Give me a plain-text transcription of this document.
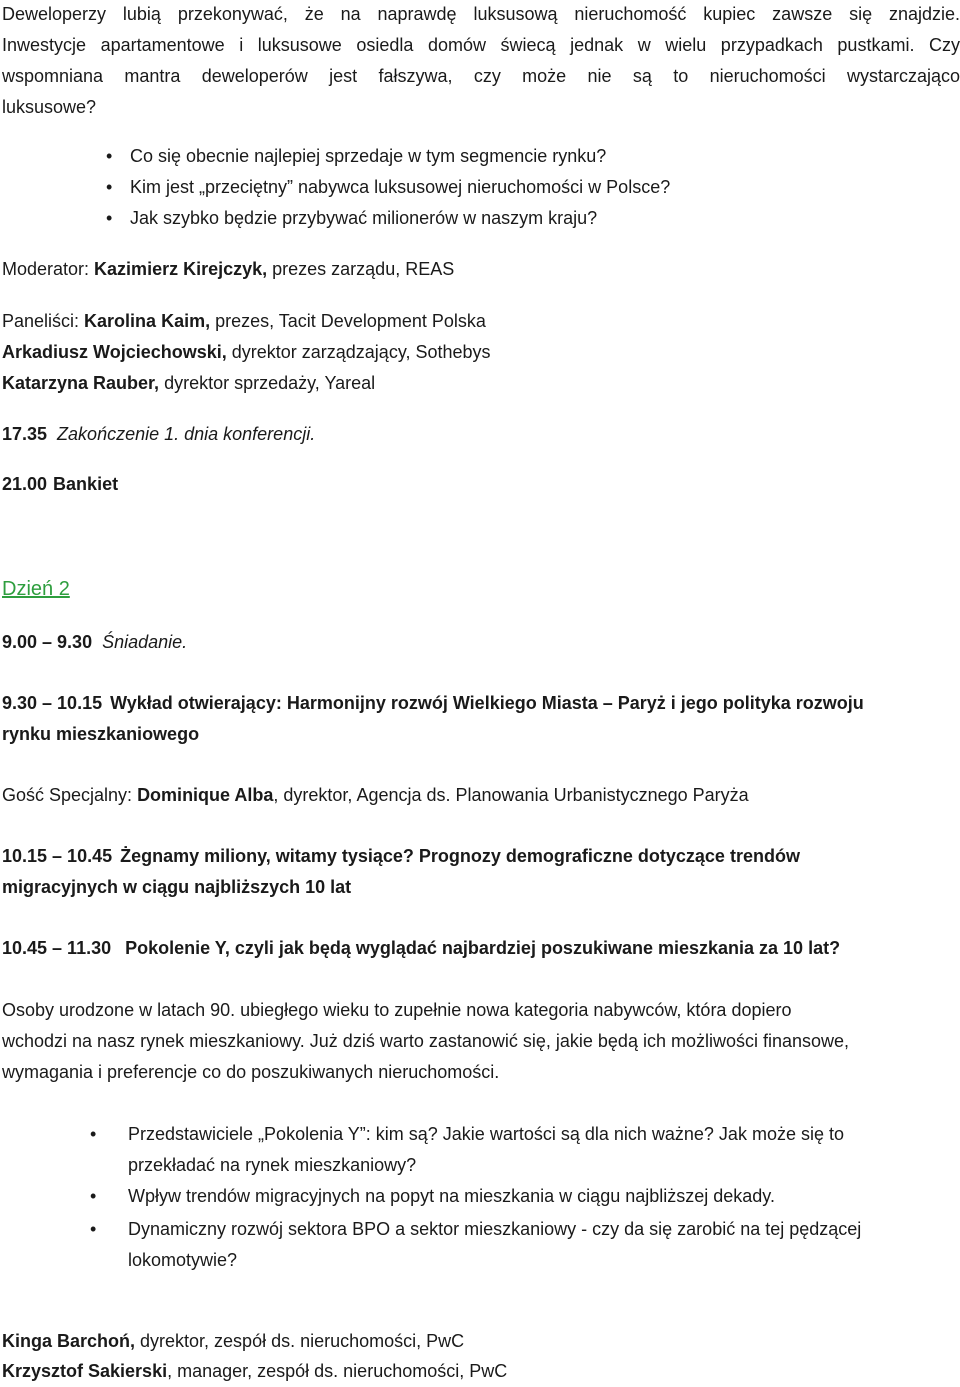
Deweloperzy lubią przekonywać, że na naprawdę luksusową nieruchomość kupiec zawsze się znajdzie.
Inwestycje apartamentowe i luksusowe osiedla domów świecą jednak w wielu przypadkach pustkami. Czy
wspomniana mantra deweloperów jest fałszywa, czy może nie są to nieruchomości wystarczająco
luksusowe?
• Co się obecnie najlepiej sprzedaje w tym segmencie rynku?
• Kim jest „przeciętny” nabywca luksusowej nieruchomości w Polsce?
• Jak szybko będzie przybywać milionerów w naszym kraju?
Moderator: Kazimierz Kirejczyk, prezes zarządu, REAS
Paneliści: Karolina Kaim, prezes, Tacit Development Polska
Arkadiusz Wojciechowski, dyrektor zarządzający, Sothebys
Katarzyna Rauber, dyrektor sprzedaży, Yareal
17.35 Zakończenie 1. dnia konferencji.
21.00 Bankiet
Dzień 2
9.00 – 9.30 Śniadanie.
9.30 – 10.15 Wykład otwierający: Harmonijny rozwój Wielkiego Miasta – Paryż i jego polityka rozwoju
rynku mieszkaniowego
Gość Specjalny: Dominique Alba, dyrektor, Agencja ds. Planowania Urbanistycznego Paryża
10.15 – 10.45 Żegnamy miliony, witamy tysiące? Prognozy demograficzne dotyczące trendów
migracyjnych w ciągu najbliższych 10 lat
10.45 – 11.30 Pokolenie Y, czyli jak będą wyglądać najbardziej poszukiwane mieszkania za 10 lat?
Osoby urodzone w latach 90. ubiegłego wieku to zupełnie nowa kategoria nabywców, która dopiero
wchodzi na nasz rynek mieszkaniowy. Już dziś warto zastanowić się, jakie będą ich możliwości finansowe,
wymagania i preferencje co do poszukiwanych nieruchomości.
• Przedstawiciele „Pokolenia Y”: kim są? Jakie wartości są dla nich ważne? Jak może się to
przekładać na rynek mieszkaniowy?
• Wpływ trendów migracyjnych na popyt na mieszkania w ciągu najbliższej dekady.
• Dynamiczny rozwój sektora BPO a sektor mieszkaniowy - czy da się zarobić na tej pędzącej
lokomotywie?
Kinga Barchoń, dyrektor, zespół ds. nieruchomości, PwC
Krzysztof Sakierski, manager, zespół ds. nieruchomości, PwC
